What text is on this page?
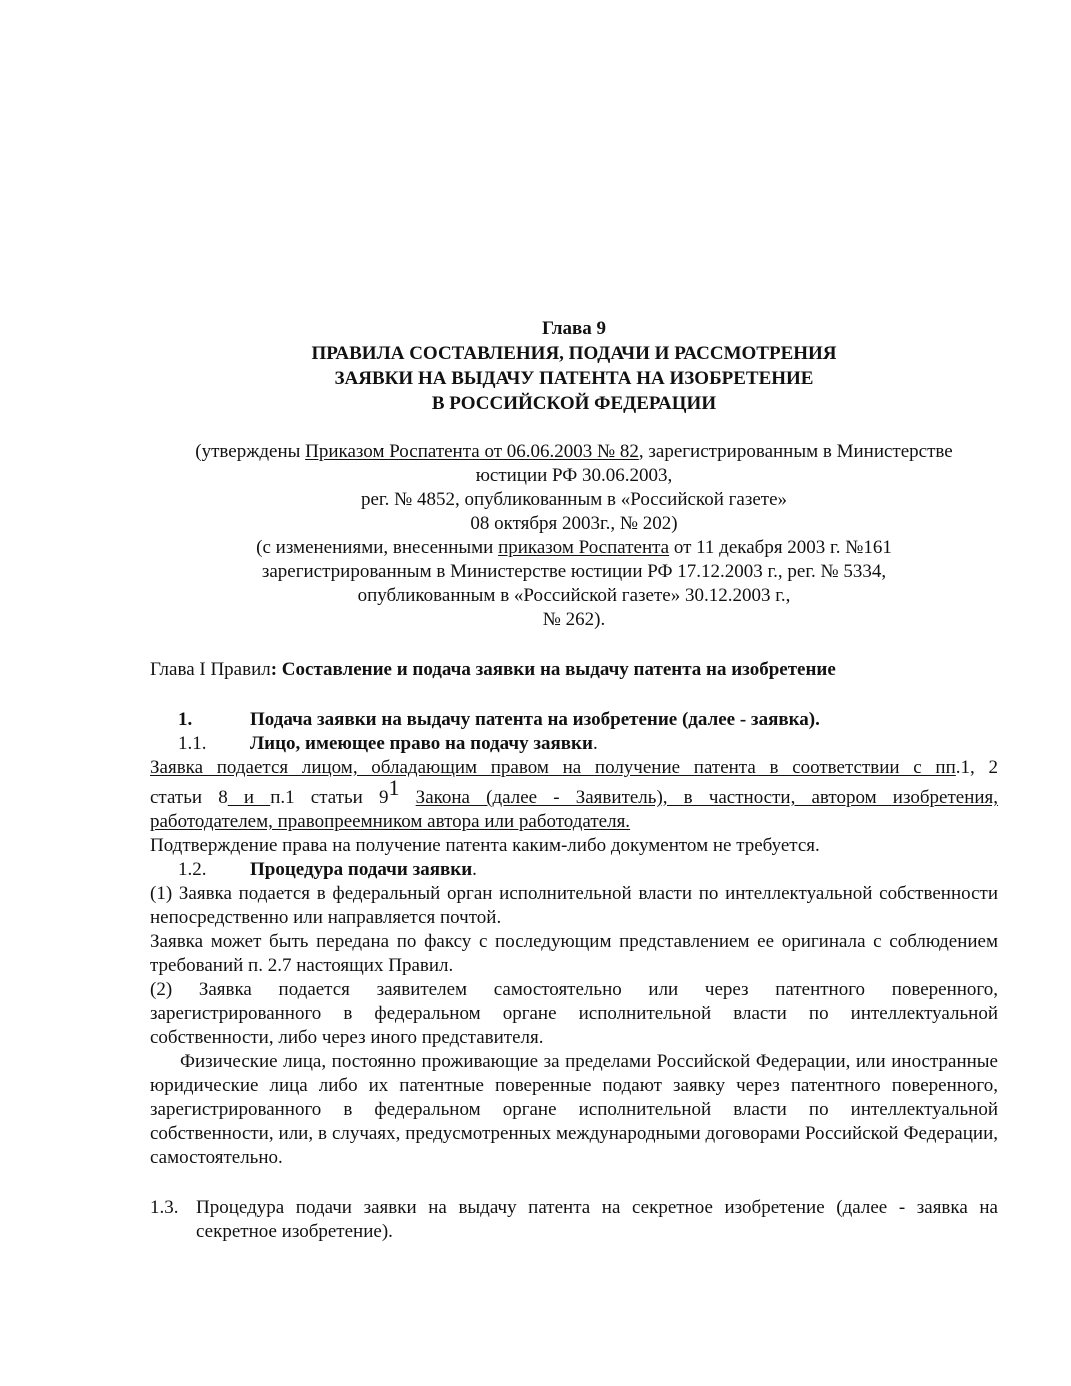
Глава 9
ПРАВИЛА СОСТАВЛЕНИЯ, ПОДАЧИ И РАССМОТРЕНИЯ
ЗАЯВКИ НА ВЫДАЧУ ПАТЕНТА НА ИЗОБРЕТЕНИЕ
В РОССИЙСКОЙ ФЕДЕРАЦИИ
(утверждены Приказом Роспатента от 06.06.2003 № 82, зарегистрированным в Министерстве
юстиции РФ 30.06.2003,
рег. № 4852, опубликованным в «Российской газете»
08 октября 2003г., № 202)
(с изменениями, внесенными приказом Роспатента от 11 декабря 2003 г. №161
зарегистрированным в Министерстве юстиции РФ 17.12.2003 г., рег. № 5334,
опубликованным в «Российской газете» 30.12.2003 г.,
№ 262).
Глава I Правил: Составление и подача заявки на выдачу патента на изобретение
1.	Подача заявки на выдачу патента на изобретение (далее - заявка).
1.1.	Лицо, имеющее право на подачу заявки.
Заявка подается лицом, обладающим правом на получение патента в соответствии с пп.1, 2
статьи 8 и п.1 статьи $9^1$ Закона (далее - Заявитель), в частности, автором изобретения,
работодателем, правопреемником автора или работодателя.
Подтверждение права на получение патента каким-либо документом не требуется.
1.2.	Процедура подачи заявки.
(1) Заявка подается в федеральный орган исполнительной власти по интеллектуальной собственности непосредственно или направляется почтой.
Заявка может быть передана по факсу с последующим представлением ее оригинала с соблюдением требований п. 2.7 настоящих Правил.
(2) Заявка подается заявителем самостоятельно или через патентного поверенного, зарегистрированного в федеральном органе исполнительной власти по интеллектуальной собственности, либо через иного представителя.
Физические лица, постоянно проживающие за пределами Российской Федерации, или иностранные юридические лица либо их патентные поверенные подают заявку через патентного поверенного, зарегистрированного в федеральном органе исполнительной власти по интеллектуальной собственности, или, в случаях, предусмотренных международными договорами Российской Федерации, самостоятельно.
1.3. Процедура подачи заявки на выдачу патента на секретное изобретение (далее - заявка на секретное изобретение).
